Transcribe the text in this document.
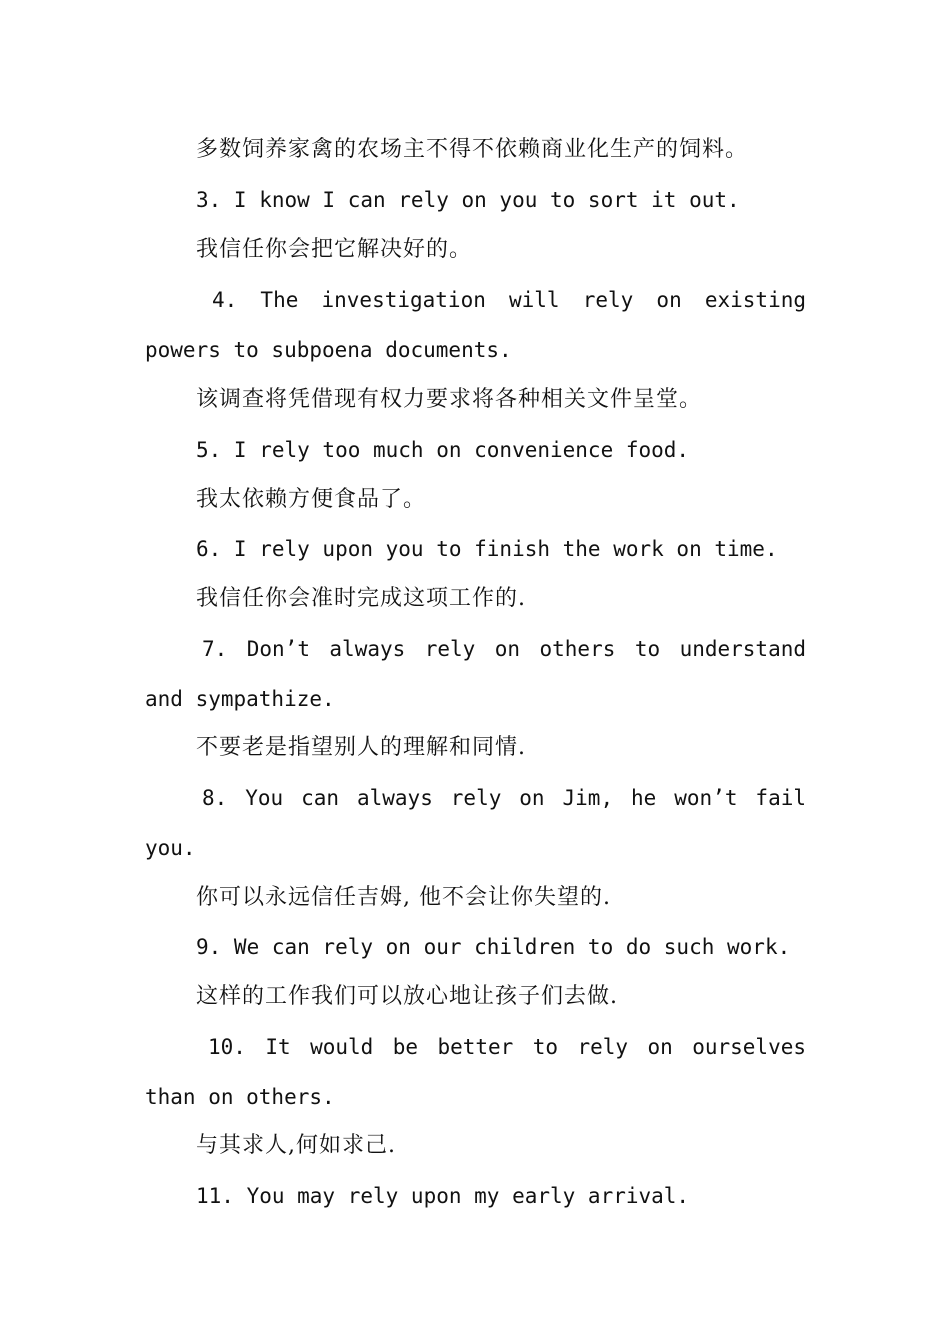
多数饲养家禽的农场主不得不依赖商业化生产的饲料。
3. I know I can rely on you to sort it out.
我信任你会把它解决好的。
4. The investigation will rely on existing
powers to subpoena documents.
该调查将凭借现有权力要求将各种相关文件呈堂。
5. I rely too much on convenience food.
我太依赖方便食品了。
6. I rely upon you to finish the work on time.
我信任你会准时完成这项工作的.
7. Don’t always rely on others to understand
and sympathize.
不要老是指望别人的理解和同情.
8. You can always rely on Jim, he won’t fail
you.
你可以永远信任吉姆, 他不会让你失望的.
9. We can rely on our children to do such work.
这样的工作我们可以放心地让孩子们去做.
10. It would be better to rely on ourselves
than on others.
与其求人,何如求己.
11. You may rely upon my early arrival.
